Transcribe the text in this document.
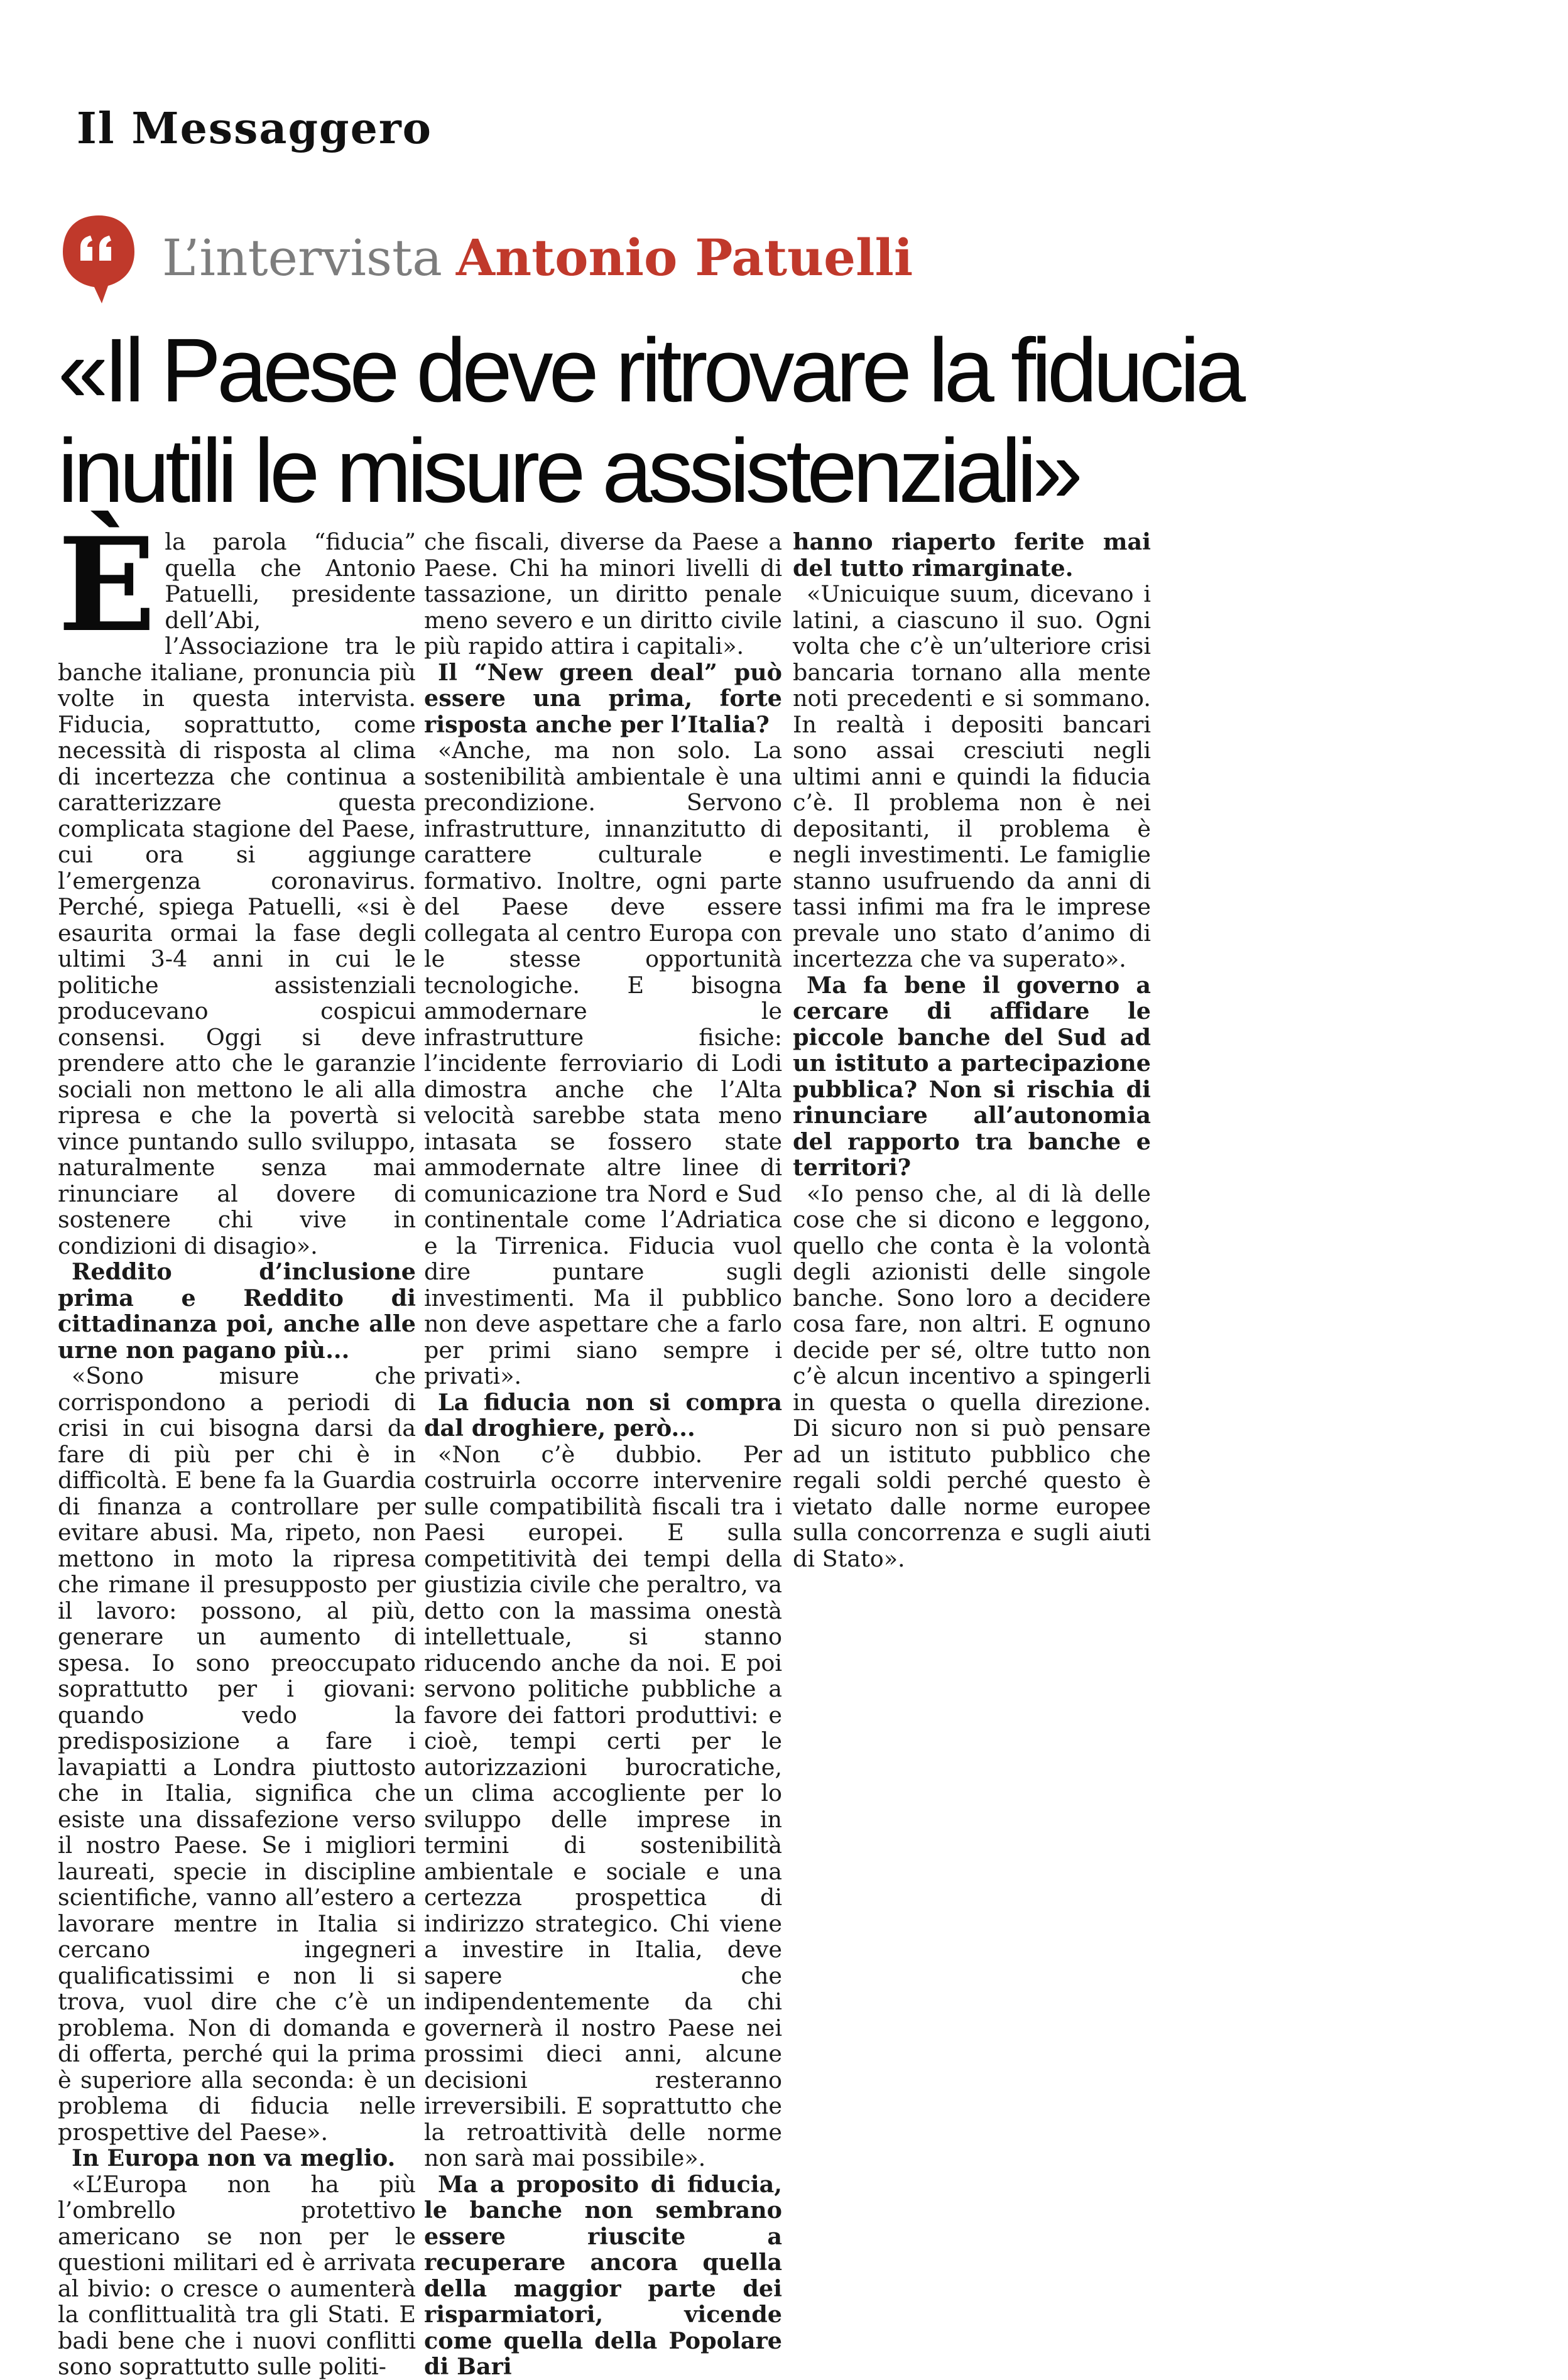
Il Messaggero
L’intervista Antonio Patuelli
«Il Paese deve ritrovare la fiducia
inutili le misure assistenziali»

Èla parola “fiducia” quella che Antonio Patuelli, presidente dell’Abi, l’Associazione tra le banche italiane, pronuncia più volte in questa intervista. Fiducia, soprattutto, come necessità di risposta al clima di incertezza che continua a caratterizzare questa complicata stagione del Paese, cui ora si aggiunge l’emergenza coronavirus. Perché, spiega Patuelli, «si è esaurita ormai la fase degli ultimi 3-4 anni in cui le politiche assistenziali producevano cospicui consensi. Oggi si deve prendere atto che le garanzie sociali non mettono le ali alla ripresa e che la povertà si vince puntando sullo sviluppo, naturalmente senza mai rinunciare al dovere di sostenere chi vive in condizioni di disagio».

Reddito d’inclusione prima e Reddito di cittadinanza poi, anche alle urne non pagano più...

«Sono misure che corrispondono a periodi di crisi in cui bisogna darsi da fare di più per chi è in difficoltà. E bene fa la Guardia di finanza a controllare per evitare abusi. Ma, ripeto, non mettono in moto la ripresa che rimane il presupposto per il lavoro: possono, al più, generare un aumento di spesa. Io sono preoccupato soprattutto per i giovani: quando vedo la predisposizione a fare i lavapiatti a Londra piuttosto che in Italia, significa che esiste una dissafezione verso il nostro Paese. Se i migliori laureati, specie in discipline scientifiche, vanno all’estero a lavorare mentre in Italia si cercano ingegneri qualificatissimi e non li si trova, vuol dire che c’è un problema. Non di domanda e di offerta, perché qui la prima è superiore alla seconda: è un problema di fiducia nelle prospettive del Paese».

In Europa non va meglio.

«L’Europa non ha più l’ombrello protettivo americano se non per le questioni militari ed è arrivata al bivio: o cresce o aumenterà la conflittualità tra gli Stati. E badi bene che i nuovi conflitti sono soprattutto sulle politi-

che fiscali, diverse da Paese a Paese. Chi ha minori livelli di tassazione, un diritto penale meno severo e un diritto civile più rapido attira i capitali».

Il “New green deal” può essere una prima, forte risposta anche per l’Italia?

«Anche, ma non solo. La sostenibilità ambientale è una precondizione. Servono infrastrutture, innanzitutto di carattere culturale e formativo. Inoltre, ogni parte del Paese deve essere collegata al centro Europa con le stesse opportunità tecnologiche. E bisogna ammodernare le infrastrutture fisiche: l’incidente ferroviario di Lodi dimostra anche che l’Alta velocità sarebbe stata meno intasata se fossero state ammodernate altre linee di comunicazione tra Nord e Sud continentale come l’Adriatica e la Tirrenica. Fiducia vuol dire puntare sugli investimenti. Ma il pubblico non deve aspettare che a farlo per primi siano sempre i privati».

La fiducia non si compra dal droghiere, però...

«Non c’è dubbio. Per costruirla occorre intervenire sulle compatibilità fiscali tra i Paesi europei. E sulla competitività dei tempi della giustizia civile che peraltro, va detto con la massima onestà intellettuale, si stanno riducendo anche da noi. E poi servono politiche pubbliche a favore dei fattori produttivi: e cioè, tempi certi per le autorizzazioni burocratiche, un clima accogliente per lo sviluppo delle imprese in termini di sostenibilità ambientale e sociale e una certezza prospettica di indirizzo strategico. Chi viene a investire in Italia, deve sapere che indipendentemente da chi governerà il nostro Paese nei prossimi dieci anni, alcune decisioni resteranno irreversibili. E soprattutto che la retroattività delle norme non sarà mai possibile».

Ma a proposito di fiducia, le banche non sembrano essere riuscite a recuperare ancora quella della maggior parte dei risparmiatori, vicende come quella della Popolare di Bari

hanno riaperto ferite mai del tutto rimarginate.

«Unicuique suum, dicevano i latini, a ciascuno il suo. Ogni volta che c’è un’ulteriore crisi bancaria tornano alla mente noti precedenti e si sommano. In realtà i depositi bancari sono assai cresciuti negli ultimi anni e quindi la fiducia c’è. Il problema non è nei depositanti, il problema è negli investimenti. Le famiglie stanno usufruendo da anni di tassi infimi ma fra le imprese prevale uno stato d’animo di incertezza che va superato».

Ma fa bene il governo a cercare di affidare le piccole banche del Sud ad un istituto a partecipazione pubblica? Non si rischia di rinunciare all’autonomia del rapporto tra banche e territori?

«Io penso che, al di là delle cose che si dicono e leggono, quello che conta è la volontà degli azionisti delle singole banche. Sono loro a decidere cosa fare, non altri. E ognuno decide per sé, oltre tutto non c’è alcun incentivo a spingerli in questa o quella direzione. Di sicuro non si può pensare ad un istituto pubblico che regali soldi perché questo è vietato dalle norme europee sulla concorrenza e sugli aiuti di Stato».
